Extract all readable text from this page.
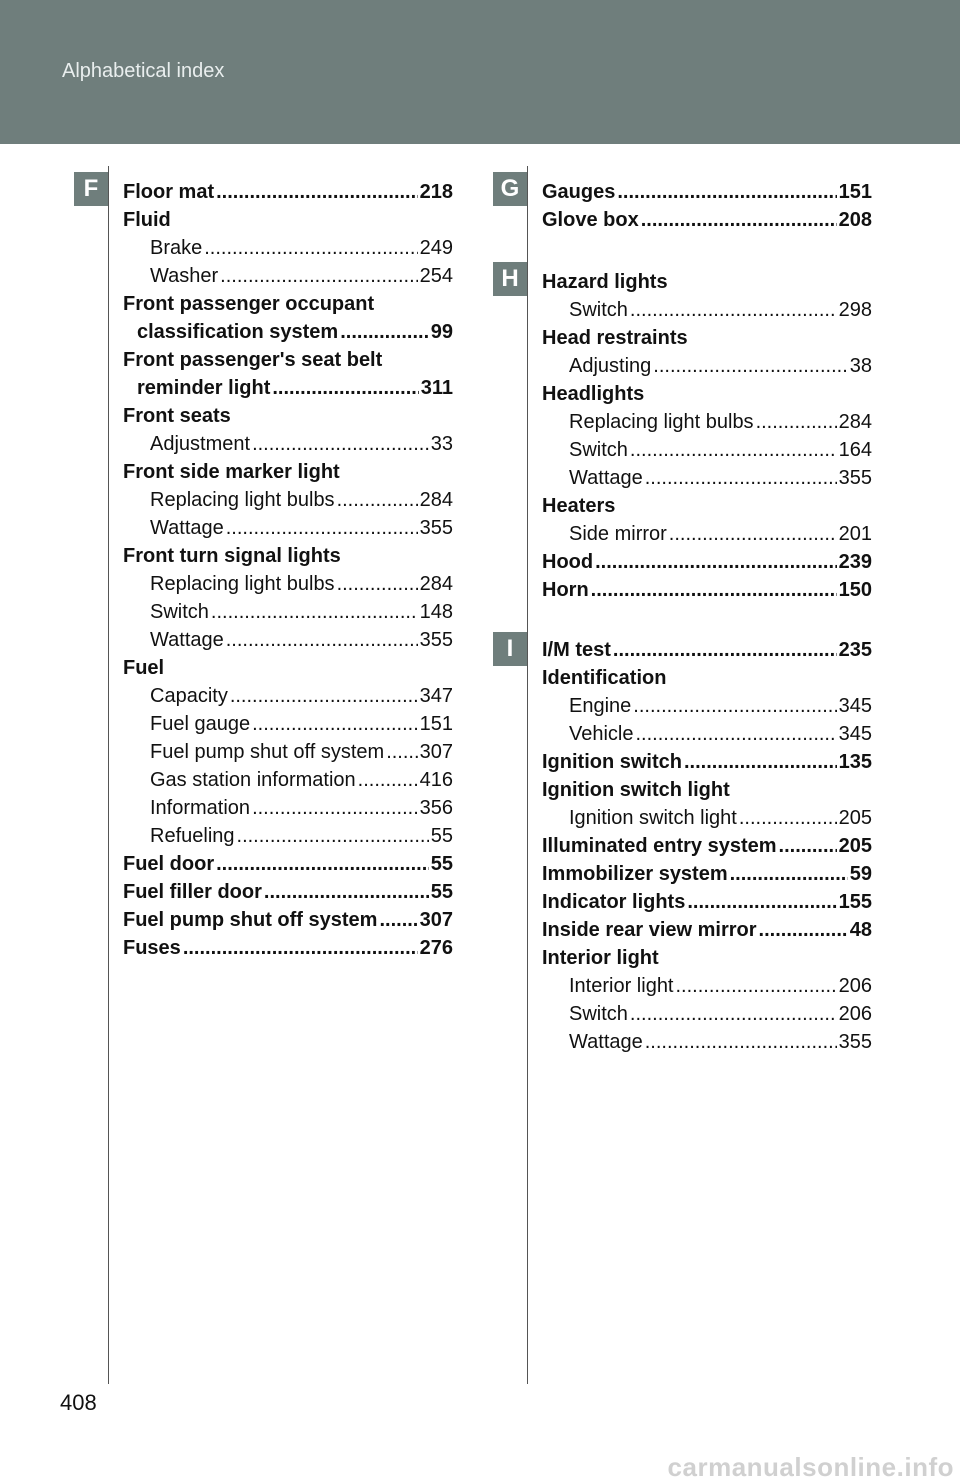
Alphabetical index
F	G
H
I
Floor mat .....	218
Fluid
Brake .....	249
Washer .....	254
Front passenger occupant
classification system .....	99
Front passenger's seat belt
reminder light .....	311
Front seats
Adjustment .....	33
Front side marker light
Replacing light bulbs .....	284
Wattage .....	355
Front turn signal lights
Replacing light bulbs .....	284
Switch .....	148
Wattage .....	355
Fuel
Capacity .....	347
Fuel gauge .....	151
Fuel pump shut off system ..... 307
Gas station information .....	416
Information .....	356
Refueling .....	55
Fuel door .....	55
Fuel filler door .....	55
Fuel pump shut off system ..... 307
Fuses .....	276
Gauges .....	151
Glove box .....	208
Hazard lights
Switch .....	298
Head restraints
Adjusting .....	38
Headlights
Replacing light bulbs .....	284
Switch .....	164
Wattage .....	355
Heaters
Side mirror .....	201
Hood .....	239
Horn .....	150
I/M test .....	235
Identification
Engine .....	345
Vehicle .....	345
Ignition switch .....	135
Ignition switch light
Ignition switch light .....	205
Illuminated entry system .....	205
Immobilizer system .....	59
Indicator lights .....	155
Inside rear view mirror .....	48
Interior light
Interior light .....	206
Switch .....	206
Wattage .....	355
408
carmanualsonline.info
